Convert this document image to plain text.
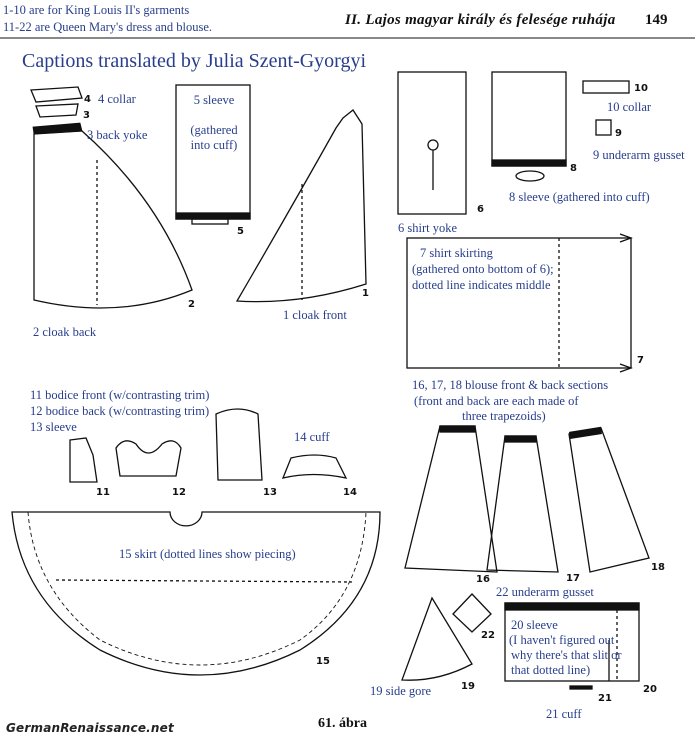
1-10 are for King Louis II's garments
11-22 are Queen Mary's dress and blouse.	II. Lajos magyar király és felesége ruhája 149
Captions translated by Julia Szent-Gyorgyi
4
3
2
5
1
6
8
10
9
7
11	12	13	14
15
16	17
18
19
22
20
21
4 collar	5 sleeve
(gathered
into cuff)
3 back yoke
2 cloak back
1 cloak front
10 collar
9 underarm gusset
8 sleeve (gathered into cuff)
6 shirt yoke
7 shirt skirting
(gathered onto bottom of 6);
dotted line indicates middle
16, 17, 18 blouse front & back sections
(front and back are each made of
three trapezoids)
11 bodice front (w/contrasting trim)
12 bodice back (w/contrasting trim)
13 sleeve
14 cuff
15 skirt (dotted lines show piecing)
22 underarm gusset
20 sleeve
(I haven't figured out
why there's that slit or
that dotted line)
19 side gore
21 cuff
61. ábra
GermanRenaissance.net
